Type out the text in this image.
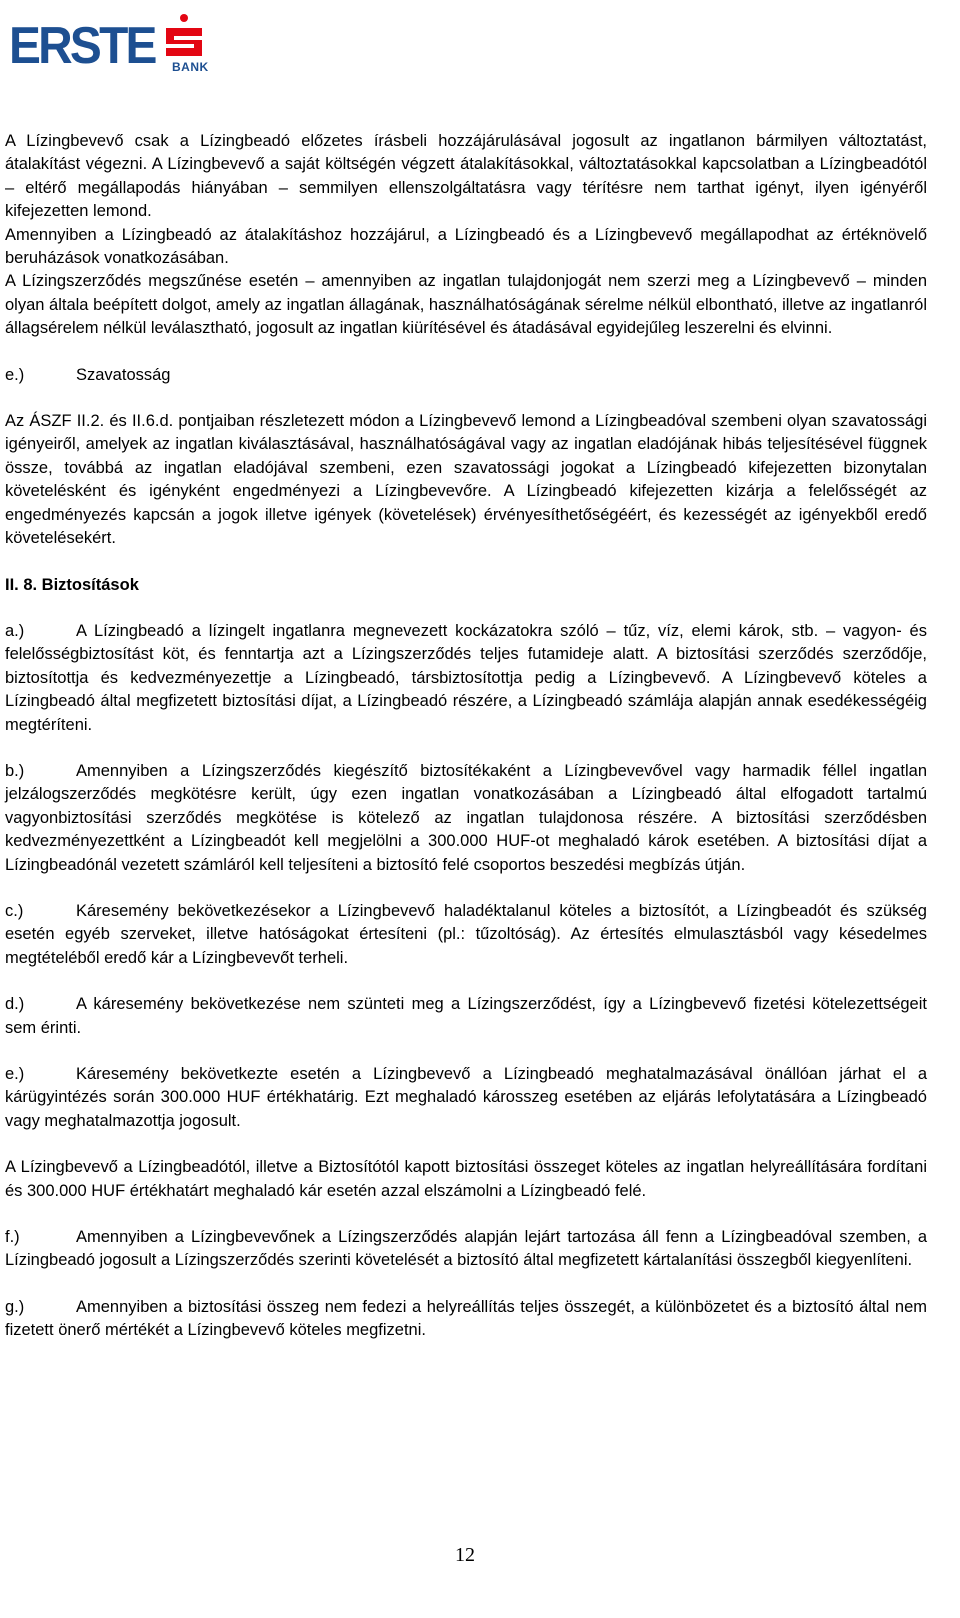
ERSTE BANK

A Lízingbevevő csak a Lízingbeadó előzetes írásbeli hozzájárulásával jogosult az ingatlanon bármilyen változtatást, átalakítást végezni. A Lízingbevevő a saját költségén végzett átalakításokkal, változtatásokkal kapcsolatban a Lízingbeadótól – eltérő megállapodás hiányában – semmilyen ellenszolgáltatásra vagy térítésre nem tarthat igényt, ilyen igényéről kifejezetten lemond.

Amennyiben a Lízingbeadó az átalakításhoz hozzájárul, a Lízingbeadó és a Lízingbevevő megállapodhat az értéknövelő beruházások vonatkozásában.

A Lízingszerződés megszűnése esetén – amennyiben az ingatlan tulajdonjogát nem szerzi meg a Lízingbevevő – minden olyan általa beépített dolgot, amely az ingatlan állagának, használhatóságának sérelme nélkül elbontható, illetve az ingatlanról állagsérelem nélkül leválasztható, jogosult az ingatlan kiürítésével és átadásával egyidejűleg leszerelni és elvinni.

e.)	Szavatosság

Az ÁSZF II.2. és II.6.d. pontjaiban részletezett módon a Lízingbevevő lemond a Lízingbeadóval szembeni olyan szavatossági igényeiről, amelyek az ingatlan kiválasztásával, használhatóságával vagy az ingatlan eladójának hibás teljesítésével függnek össze, továbbá az ingatlan eladójával szembeni, ezen szavatossági jogokat a Lízingbeadó kifejezetten bizonytalan követelésként és igényként engedményezi a Lízingbevevőre. A Lízingbeadó kifejezetten kizárja a felelősségét az engedményezés kapcsán a jogok illetve igények (követelések) érvényesíthetőségéért, és kezességét az igényekből eredő követelésekért.

II. 8. Biztosítások

a.)	A Lízingbeadó a lízingelt ingatlanra megnevezett kockázatokra szóló – tűz, víz, elemi károk, stb. – vagyon- és felelősségbiztosítást köt, és fenntartja azt a Lízingszerződés teljes futamideje alatt. A biztosítási szerződés szerződője, biztosítottja és kedvezményezettje a Lízingbeadó, társbiztosítottja pedig a Lízingbevevő. A Lízingbevevő köteles a Lízingbeadó által megfizetett biztosítási díjat, a Lízingbeadó részére, a Lízingbeadó számlája alapján annak esedékességéig megtéríteni.

b.)	Amennyiben a Lízingszerződés kiegészítő biztosítékaként a Lízingbevevővel vagy harmadik féllel ingatlan jelzálogszerződés megkötésre került, úgy ezen ingatlan vonatkozásában a Lízingbeadó által elfogadott tartalmú vagyonbiztosítási szerződés megkötése is kötelező az ingatlan tulajdonosa részére. A biztosítási szerződésben kedvezményezettként a Lízingbeadót kell megjelölni a 300.000 HUF-ot meghaladó károk esetében. A biztosítási díjat a Lízingbeadónál vezetett számláról kell teljesíteni a biztosító felé csoportos beszedési megbízás útján.

c.)	Káresemény bekövetkezésekor a Lízingbevevő haladéktalanul köteles a biztosítót, a Lízingbeadót és szükség esetén egyéb szerveket, illetve hatóságokat értesíteni (pl.: tűzoltóság). Az értesítés elmulasztásból vagy késedelmes megtételéből eredő kár a Lízingbevevőt terheli.

d.)	A káresemény bekövetkezése nem szünteti meg a Lízingszerződést, így a Lízingbevevő fizetési kötelezettségeit sem érinti.

e.)	Káresemény bekövetkezte esetén a Lízingbevevő a Lízingbeadó meghatalmazásával önállóan járhat el a kárügyintézés során 300.000 HUF értékhatárig. Ezt meghaladó károsszeg esetében az eljárás lefolytatására a Lízingbeadó vagy meghatalmazottja jogosult.

A Lízingbevevő a Lízingbeadótól, illetve a Biztosítótól kapott biztosítási összeget köteles az ingatlan helyreállítására fordítani és 300.000 HUF értékhatárt meghaladó kár esetén azzal elszámolni a Lízingbeadó felé.

f.)	Amennyiben a Lízingbevevőnek a Lízingszerződés alapján lejárt tartozása áll fenn a Lízingbeadóval szemben, a Lízingbeadó jogosult a Lízingszerződés szerinti követelését a biztosító által megfizetett kártalanítási összegből kiegyenlíteni.

g.)	Amennyiben a biztosítási összeg nem fedezi a helyreállítás teljes összegét, a különbözetet és a biztosító által nem fizetett önerő mértékét a Lízingbevevő köteles megfizetni.

12
